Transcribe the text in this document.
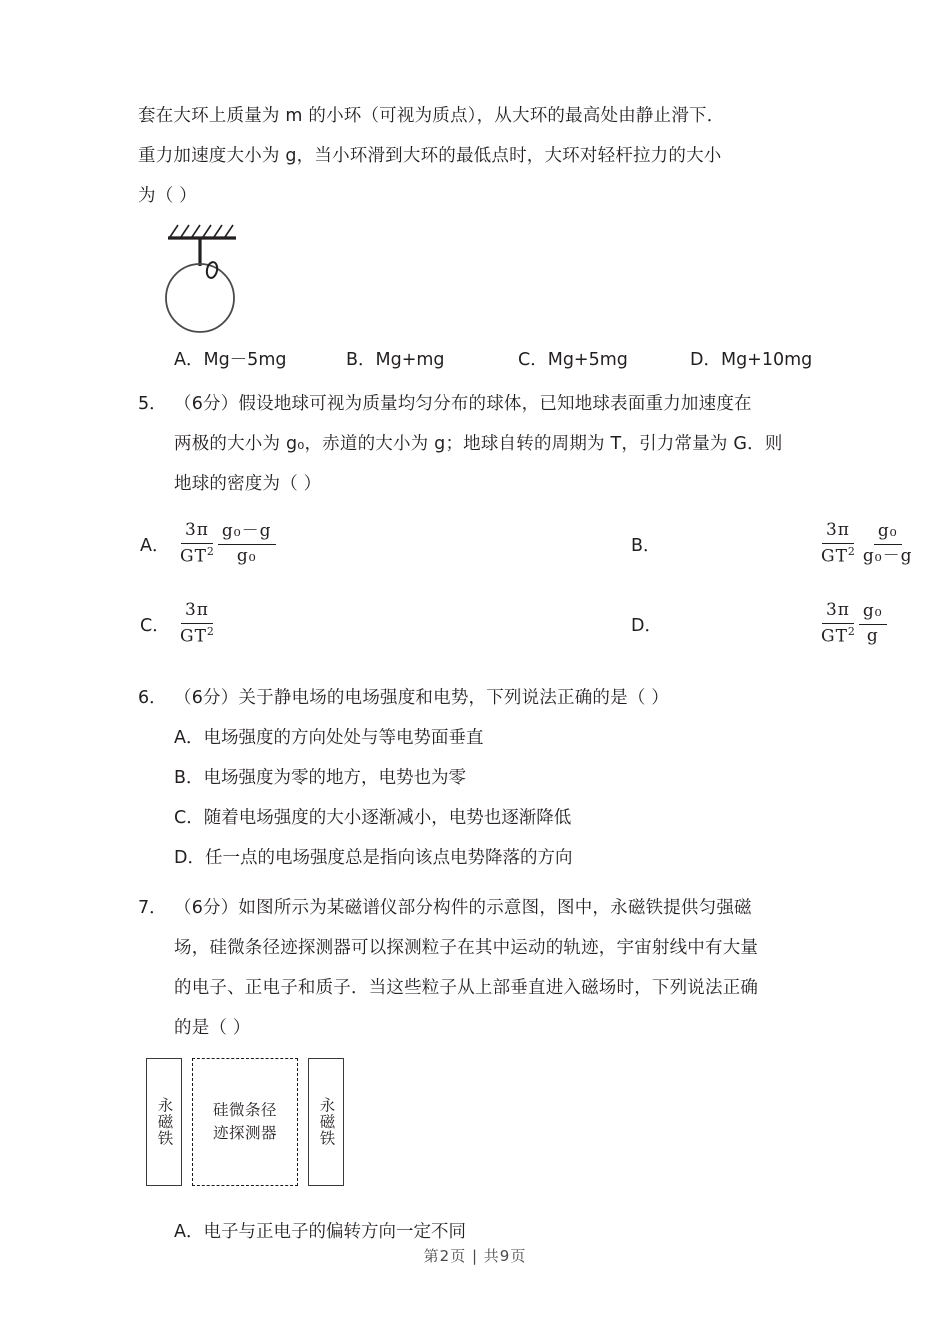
套在大环上质量为 m 的小环（可视为质点），从大环的最高处由静止滑下．
重力加速度大小为 g，当小环滑到大环的最低点时，大环对轻杆拉力的大小
为（ ）
A．Mg－5mg	B．Mg+mg	C．Mg+5mg	D．Mg+10mg
5． （6分）假设地球可视为质量均匀分布的球体，已知地球表面重力加速度在
两极的大小为 g₀，赤道的大小为 g；地球自转的周期为 T，引力常量为 G．则
地球的密度为（ ）
A． $\frac{3\pi}{GT^2} \frac{\text{g₀－g}}{\text{g₀}}$	B．	$\frac{3\pi}{GT^2} \frac{\text{g₀}}{\text{g₀－g}}$
C． $\frac{3\pi}{GT^2}$	D．	$\frac{3\pi}{GT^2} \frac{\text{g₀}}{g}$
6． （6分）关于静电场的电场强度和电势，下列说法正确的是（ ）
A．电场强度的方向处处与等电势面垂直
B．电场强度为零的地方，电势也为零
C．随着电场强度的大小逐渐减小，电势也逐渐降低
D．任一点的电场强度总是指向该点电势降落的方向
7． （6分）如图所示为某磁谱仪部分构件的示意图，图中，永磁铁提供匀强磁
场，硅微条径迹探测器可以探测粒子在其中运动的轨迹，宇宙射线中有大量
的电子、正电子和质子．当这些粒子从上部垂直进入磁场时，下列说法正确
的是（ ）
永磁铁	硅微条径
迹探测器	永磁铁
A．电子与正电子的偏转方向一定不同
第2页 | 共9页
